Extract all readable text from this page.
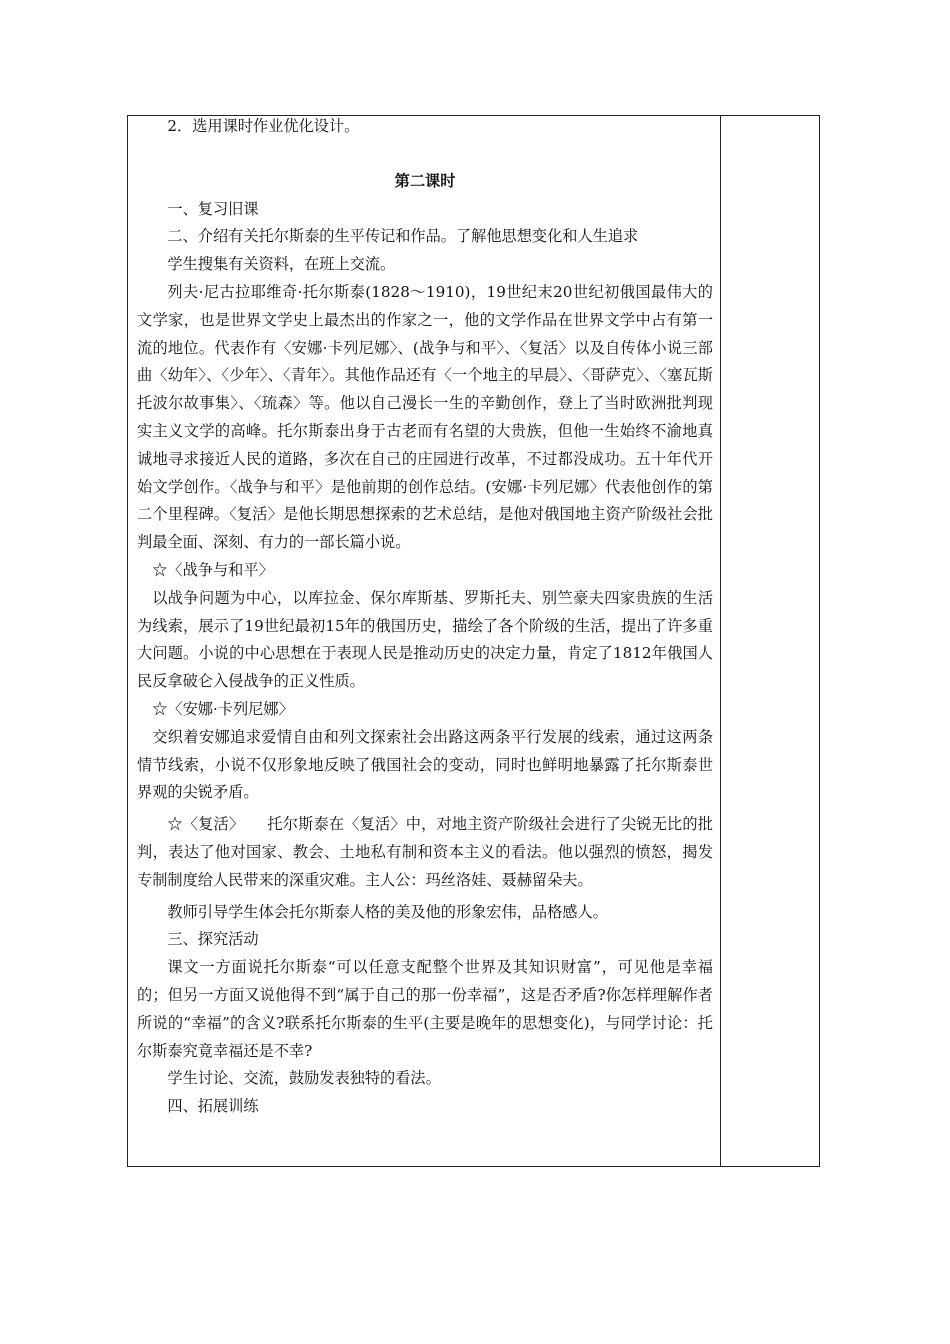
2．选用课时作业优化设计。

第二课时

一、复习旧课

二、介绍有关托尔斯泰的生平传记和作品。了解他思想变化和人生追求

学生搜集有关资料，在班上交流。

列夫·尼古拉耶维奇·托尔斯泰(1828～1910)，19世纪末20世纪初俄国最伟大的文学家，也是世界文学史上最杰出的作家之一，他的文学作品在世界文学中占有第一流的地位。代表作有〈安娜·卡列尼娜〉、(战争与和平〉、〈复活〉以及自传体小说三部曲〈幼年〉、〈少年〉、〈青年〉。其他作品还有〈一个地主的早晨〉、〈哥萨克〉、〈塞瓦斯托波尔故事集〉、〈琉森〉等。他以自己漫长一生的辛勤创作，登上了当时欧洲批判现实主义文学的高峰。托尔斯泰出身于古老而有名望的大贵族，但他一生始终不渝地真诚地寻求接近人民的道路，多次在自己的庄园进行改革，不过都没成功。五十年代开始文学创作。〈战争与和平〉是他前期的创作总结。(安娜·卡列尼娜〉代表他创作的第二个里程碑。〈复活〉是他长期思想探索的艺术总结，是他对俄国地主资产阶级社会批判最全面、深刻、有力的一部长篇小说。

☆〈战争与和平〉

以战争问题为中心，以库拉金、保尔库斯基、罗斯托夫、别竺豪夫四家贵族的生活为线索，展示了19世纪最初15年的俄国历史，描绘了各个阶级的生活，提出了许多重大问题。小说的中心思想在于表现人民是推动历史的决定力量，肯定了1812年俄国人民反拿破仑入侵战争的正义性质。

☆〈安娜·卡列尼娜〉

交织着安娜追求爱情自由和列文探索社会出路这两条平行发展的线索，通过这两条情节线索，小说不仅形象地反映了俄国社会的变动，同时也鲜明地暴露了托尔斯泰世界观的尖锐矛盾。

☆〈复活〉　　托尔斯泰在〈复活〉中，对地主资产阶级社会进行了尖锐无比的批判，表达了他对国家、教会、土地私有制和资本主义的看法。他以强烈的愤怒，揭发专制制度给人民带来的深重灾难。主人公：玛丝洛娃、聂赫留朵夫。

教师引导学生体会托尔斯泰人格的美及他的形象宏伟，品格感人。

三、探究活动

课文一方面说托尔斯泰“可以任意支配整个世界及其知识财富”，可见他是幸福的；但另一方面又说他得不到“属于自己的那一份幸福”，这是否矛盾?你怎样理解作者所说的“幸福”的含义?联系托尔斯泰的生平(主要是晚年的思想变化)，与同学讨论：托尔斯泰究竟幸福还是不幸?

学生讨论、交流，鼓励发表独特的看法。

四、拓展训练
